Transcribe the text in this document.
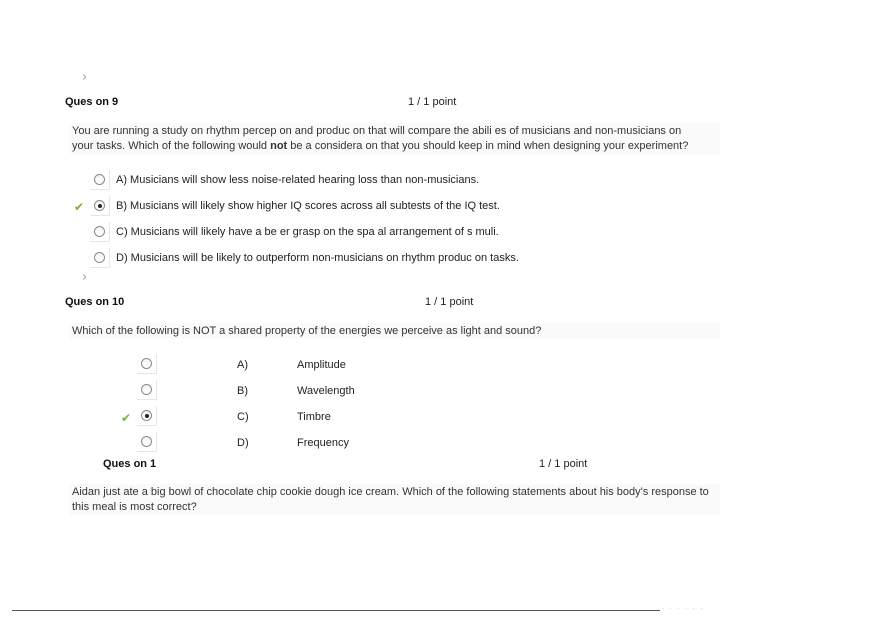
›
Ques on 9	1 / 1 point
You are running a study on rhythm percep on and produc on that will compare the abili es of musicians and non-musicians on
your tasks. Which of the following would not be a considera on that you should keep in mind when designing your experiment?
A) Musicians will show less noise-related hearing loss than non-musicians.
✔	B) Musicians will likely show higher IQ scores across all subtests of the IQ test.
C) Musicians will likely have a be er grasp on the spa al arrangement of s muli.
D) Musicians will be likely to outperform non-musicians on rhythm produc on tasks.
›
Ques on 10	1 / 1 point
Which of the following is NOT a shared property of the energies we perceive as light and sound?
A)	Amplitude
B)	Wavelength
✔	C)	Timbre
D)	Frequency
Ques on 1	1 / 1 point
Aidan just ate a big bowl of chocolate chip cookie dough ice cream. Which of the following statements about his body's response to
this meal is most correct?
· · · · · ·
